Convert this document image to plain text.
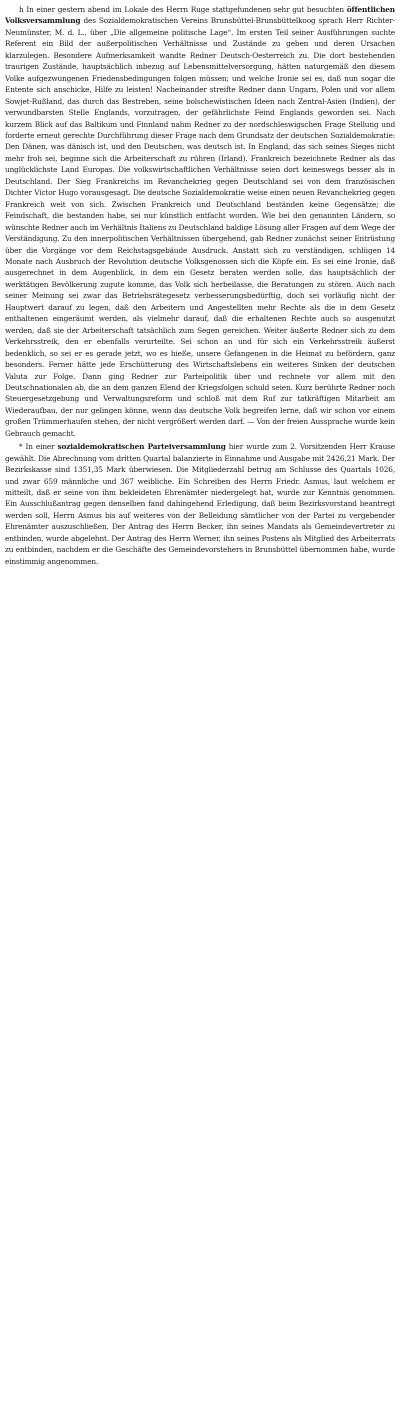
h In einer gestern abend im Lokale des Herrn Ruge stattgefundenen sehr gut besuchten öffentlichen Volksversammlung des Sozialdemokratischen Vereins Brunsbüttel-Brunsbüttelkoog sprach Herr Richter-Neumünster, M. d. L., über „Die allgemeine politische Lage“. Im ersten Teil seiner Ausführungen suchte Referent ein Bild der außerpolitischen Verhältnisse und Zustände zu geben und deren Ursachen klarzulegen. Besondere Aufmerksamkeit wandte Redner Deutsch-Oesterreich zu. Die dort bestehenden traurigen Zustände, hauptsächlich inbezug auf Lebensmittelversorgung, hätten naturgemäß den diesem Volke aufgezwungenen Friedensbedingungen folgen müssen; und welche Ironie sei es, daß nun sogar die Entente sich anschicke, Hilfe zu leisten! Nacheinander streifte Redner dann Ungarn, Polen und vor allem Sowjet-Rußland, das durch das Bestreben, seine bolschewistischen Ideen nach Zentral-Asien (Indien), der verwundbarsten Stelle Englands, vorzutragen, der gefährlichste Feind Englands geworden sei. Nach kurzem Blick auf das Baltikum und Finnland nahm Redner zu der nordschleswigschen Frage Stellung und forderte erneut gerechte Durchführung dieser Frage nach dem Grundsatz der deutschen Sozialdemokratie: Den Dänen, was dänisch ist, und den Deutschen, was deutsch ist. In England, das sich seines Sieges nicht mehr froh sei, beginne sich die Arbeiterschaft zu rühren (Irland). Frankreich bezeichnete Redner als das unglücklichste Land Europas. Die volkswirtschaftlichen Verhältnisse seien dort keineswegs besser als in Deutschland. Der Sieg Frankreichs im Revanchekrieg gegen Deutschland sei von dem französischen Dichter Victor Hugo vorausgesagt. Die deutsche Sozialdemokratie weise einen neuen Revanchekrieg gegen Frankreich weit von sich. Zwischen Frankreich und Deutschland beständen keine Gegensätze; die Feindschaft, die bestanden habe, sei nur künstlich entfacht worden. Wie bei den genannten Ländern, so wünschte Redner auch im Verhältnis Italiens zu Deutschland baldige Lösung aller Fragen auf dem Wege der Verständigung. Zu den innerpolitischen Verhältnissen übergehend, gab Redner zunächst seiner Entrüstung über die Vorgänge vor dem Reichstagsgebäude Ausdruck. Anstatt sich zu verständigen, schlügen 14 Monate nach Ausbruch der Revolution deutsche Volksgenossen sich die Köpfe ein. Es sei eine Ironie, daß ausgerechnet in dem Augenblick, in dem ein Gesetz beraten werden solle, das hauptsächlich der werktätigen Bevölkerung zugute komme, das Volk sich herbeilasse, die Beratungen zu stören. Auch nach seiner Meinung sei zwar das Betriebsrätegesetz verbesserungsbedürftig, doch sei vorläufig nicht der Hauptwert darauf zu legen, daß den Arbeitern und Angestellten mehr Rechte als die in dem Gesetz enthaltenen eingeräumt werden, als vielmehr darauf, daß die erhaltenen Rechte auch so ausgenutzt werden, daß sie der Arbeiterschaft tatsächlich zum Segen gereichen. Weiter äußerte Redner sich zu dem Verkehrsstreik, den er ebenfalls verurteilte. Sei schon an und für sich ein Verkehrsstreik äußerst bedenklich, so sei er es gerade jetzt, wo es hieße, unsere Gefangenen in die Heimat zu befördern, ganz besonders. Ferner hätte jede Erschütterung des Wirtschaftslebens ein weiteres Sinken der deutschen Valuta zur Folge. Dann ging Redner zur Parteipolitik über und rechnete vor allem mit den Deutschnationalen ab, die an dem ganzen Elend der Kriegsfolgen schuld seien. Kurz berührte Redner noch Steuergesetzgebung und Verwaltungsreform und schloß mit dem Ruf zur tatkräftigen Mitarbeit am Wiederaufbau, der nur gelingen könne, wenn das deutsche Volk begreifen lerne, daß wir schon vor einem großen Trümmerhaufen stehen, der nicht vergrößert werden darf. — Von der freien Aussprache wurde kein Gebrauch gemacht.

* In einer sozialdemokratischen Parteiversammlung hier wurde zum 2. Vorsitzenden Herr Krause gewählt. Die Abrechnung vom dritten Quartal balanzierte in Einnahme und Ausgabe mit 2426,21 Mark. Der Bezirkskasse sind 1351,35 Mark überwiesen. Die Mitgliederzahl betrug am Schlusse des Quartals 1026, und zwar 659 männliche und 367 weibliche. Ein Schreiben des Herrn Friedr. Asmus, laut welchem er mitteilt, daß er seine von ihm bekleideten Ehrenämter niedergelegt hat, wurde zur Kenntnis genommen. Ein Ausschlußantrag gegen denselben fand dahingehend Erledigung, daß beim Bezirksvorstand beantregt werden soll, Herrn Asmus bis auf weiteres von der Belleidung sämtlicher von der Partei zu vergebender Ehrenämter auszuschließen. Der Antrag des Herrn Becker, ihn seines Mandats als Gemeindevertreter zu entbinden, wurde abgelehnt. Der Antrag des Herrn Werner, ihn seines Postens als Mitglied des Arbeiterrats zu entbinden, nachdem er die Geschäfte des Gemeindevorstehers in Brunsbüttel übernommen habe, wurde einstimmig angenommen.
